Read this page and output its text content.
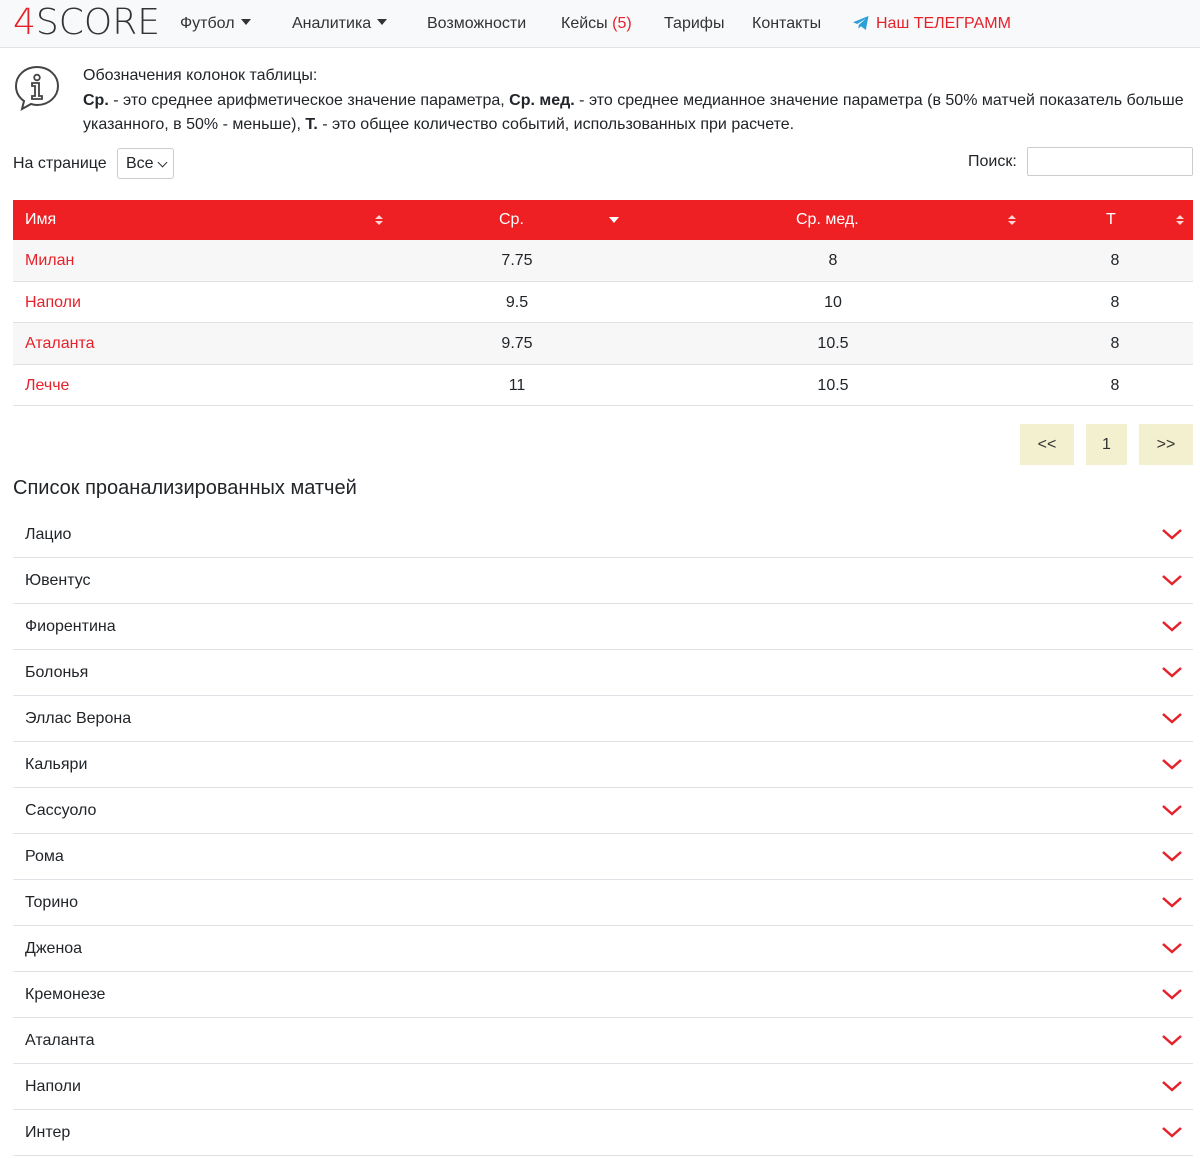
4SCORE Футбол	Аналитика	Возможности Кейсы (5) Тарифы Контакты	Наш ТЕЛЕГРАММ
Обозначения колонок таблицы:
Ср. - это среднее арифметическое значение параметра, Ср. мед. - это среднее медианное значение параметра (в 50% матчей показатель больше указанного, в 50% - меньше), Т. - это общее количество событий, использованных при расчете.
На странице	Все	Поиск:
Имя	Ср.	Ср. мед.	Т
Милан	7.75	8	8
Наполи	9.5	10	8
Аталанта	9.75	10.5	8
Лечче	11	10.5	8
<<	1	>>
Список проанализированных матчей
Лацио
Ювентус
Фиорентина
Болонья
Эллас Верона
Кальяри
Сассуоло
Рома
Торино
Дженоа
Кремонезе
Аталанта
Наполи
Интер
